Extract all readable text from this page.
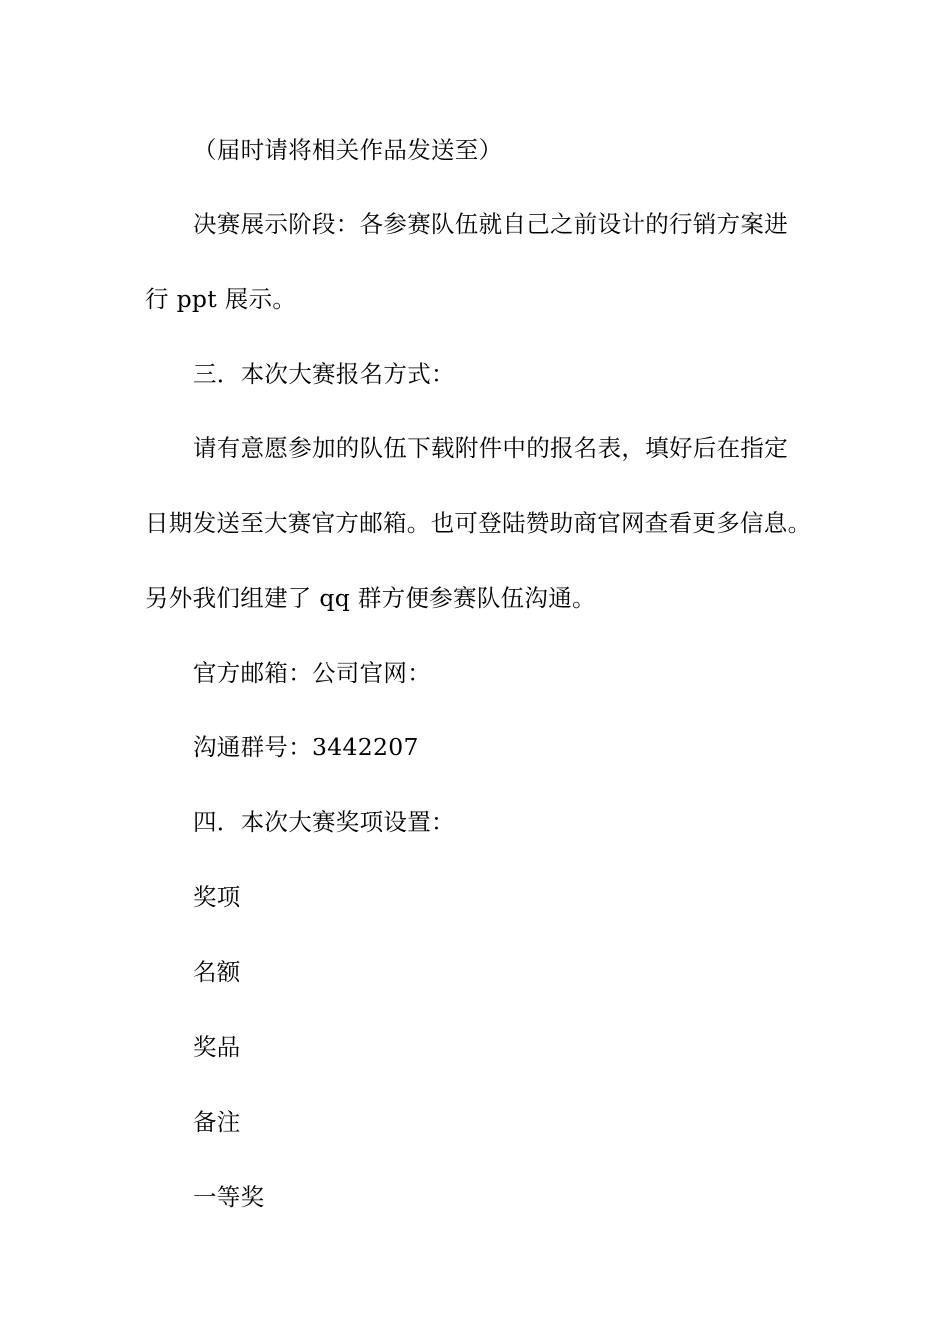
（届时请将相关作品发送至）
决赛展示阶段：各参赛队伍就自己之前设计的行销方案进
行 ppt 展示。
三．本次大赛报名方式：
请有意愿参加的队伍下载附件中的报名表，填好后在指定
日期发送至大赛官方邮箱。也可登陆赞助商官网查看更多信息。
另外我们组建了 qq 群方便参赛队伍沟通。
官方邮箱：公司官网：
沟通群号：3442207
四．本次大赛奖项设置：
奖项
名额
奖品
备注
一等奖
